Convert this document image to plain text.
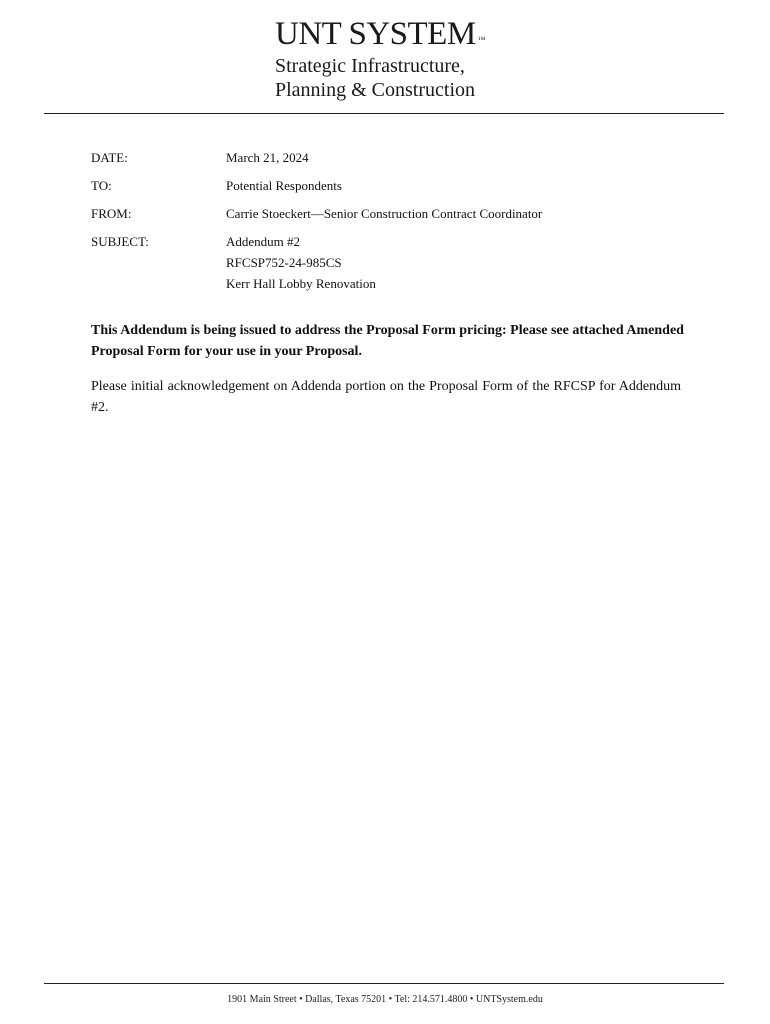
UNT SYSTEM ™
Strategic Infrastructure,
Planning & Construction
DATE:	March 21, 2024
TO:	Potential Respondents
FROM:	Carrie Stoeckert—Senior Construction Contract Coordinator
SUBJECT:	Addendum #2
RFCSP752-24-985CS
Kerr Hall Lobby Renovation
This Addendum is being issued to address the Proposal Form pricing: Please see attached Amended Proposal Form for your use in your Proposal.
Please initial acknowledgement on Addenda portion on the Proposal Form of the RFCSP for Addendum #2.
1901 Main Street • Dallas, Texas 75201 • Tel: 214.571.4800 • UNTSystem.edu
